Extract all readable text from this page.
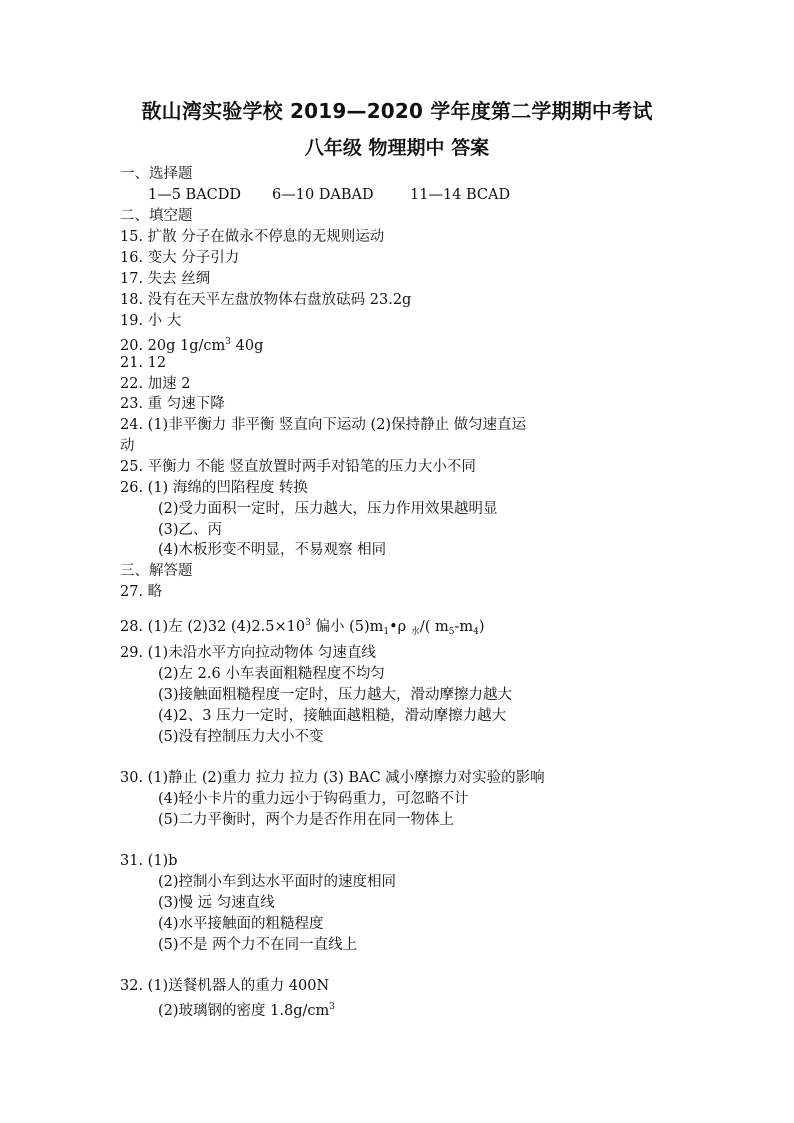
敔山湾实验学校 2019—2020 学年度第二学期期中考试
八年级 物理期中 答案
一、选择题
1—5 BACDD 6—10 DABAD	11—14 BCAD
二、填空题
15. 扩散 分子在做永不停息的无规则运动
16. 变大 分子引力
17. 失去 丝绸
18. 没有在天平左盘放物体右盘放砝码 23.2g
19. 小 大
20. 20g $1g/cm^3$ 40g
21. 12
22. 加速 2
23. 重 匀速下降
24. (1)非平衡力 非平衡 竖直向下运动 (2)保持静止 做匀速直运
动
25. 平衡力 不能 竖直放置时两手对铅笔的压力大小不同
26. (1) 海绵的凹陷程度 转换
(2)受力面积一定时，压力越大，压力作用效果越明显
(3)乙、丙
(4)木板形变不明显，不易观察 相同
三、解答题
27. 略
28. (1)左 (2)32 $(4)2.5\times 10^3$ 偏小 $(5)m_1•\rho$ $_水$/( $m_5-m_4$)
29. (1)未沿水平方向拉动物体 匀速直线
(2)左 2.6 小车表面粗糙程度不均匀
(3)接触面粗糙程度一定时，压力越大，滑动摩擦力越大
(4)2、3 压力一定时，接触面越粗糙，滑动摩擦力越大
(5)没有控制压力大小不变
30. (1)静止 (2)重力 拉力 拉力 (3) BAC 减小摩擦力对实验的影响
(4)轻小卡片的重力远小于钩码重力，可忽略不计
(5)二力平衡时，两个力是否作用在同一物体上
31. (1)b
(2)控制小车到达水平面时的速度相同
(3)慢 远 匀速直线
(4)水平接触面的粗糙程度
(5)不是 两个力不在同一直线上
32. (1)送餐机器人的重力 400N
(2)玻璃钢的密度 $1.8g/cm^3$
